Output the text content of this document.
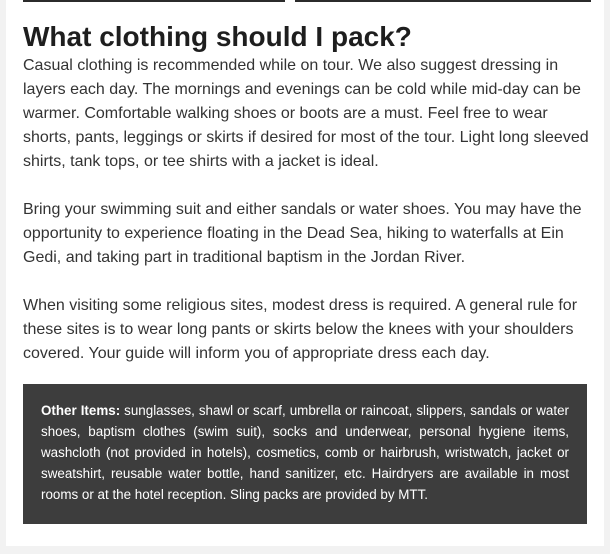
What clothing should I pack?

Casual clothing is recommended while on tour. We also suggest dressing in layers each day. The mornings and evenings can be cold while mid-day can be warmer. Comfortable walking shoes or boots are a must. Feel free to wear shorts, pants, leggings or skirts if desired for most of the tour. Light long sleeved shirts, tank tops, or tee shirts with a jacket is ideal.

Bring your swimming suit and either sandals or water shoes. You may have the opportunity to experience floating in the Dead Sea, hiking to waterfalls at Ein Gedi, and taking part in traditional baptism in the Jordan River.

When visiting some religious sites, modest dress is required. A general rule for these sites is to wear long pants or skirts below the knees with your shoulders covered. Your guide will inform you of appropriate dress each day.

Other Items: sunglasses, shawl or scarf, umbrella or raincoat, slippers, sandals or water shoes, baptism clothes (swim suit), socks and underwear, personal hygiene items, washcloth (not provided in hotels), cosmetics, comb or hairbrush, wristwatch, jacket or sweatshirt, reusable water bottle, hand sanitizer, etc. Hairdryers are available in most rooms or at the hotel reception. Sling packs are provided by MTT.
